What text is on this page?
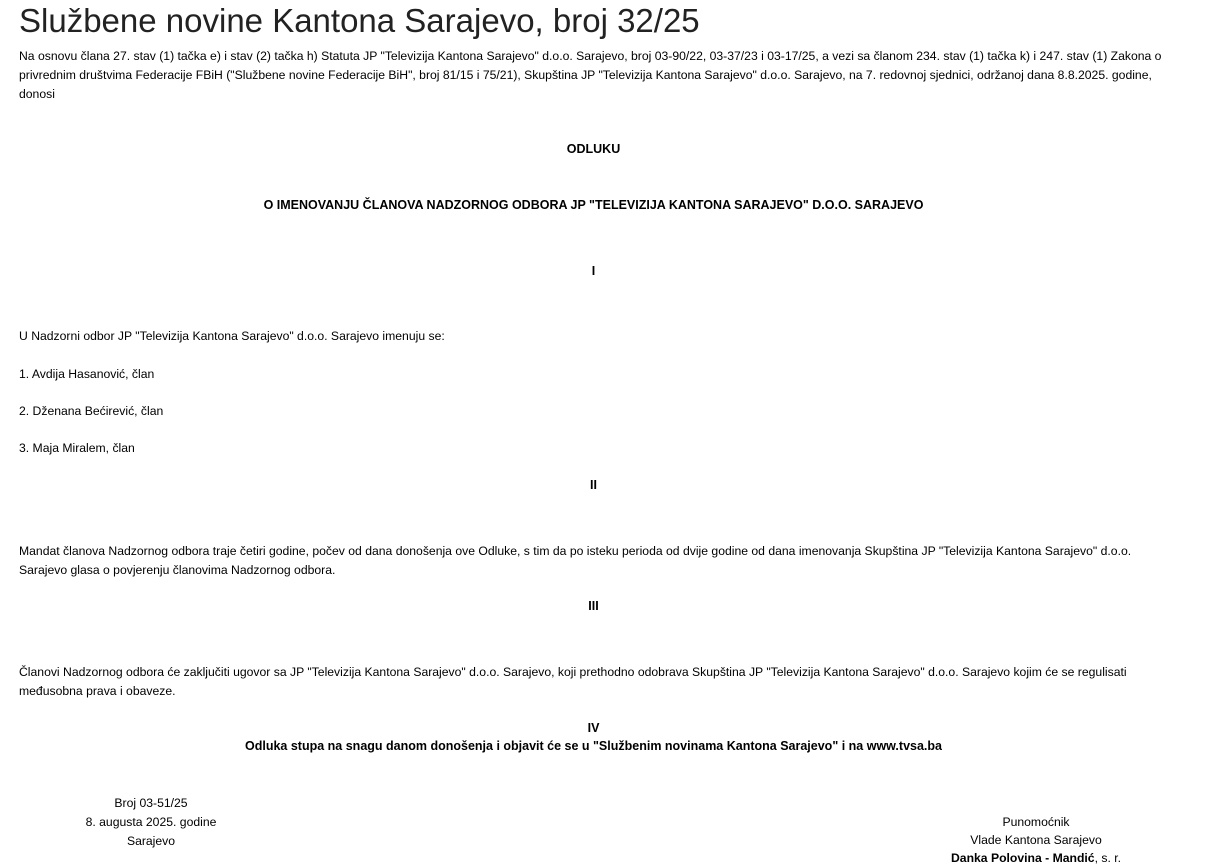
Službene novine Kantona Sarajevo, broj 32/25

Na osnovu člana 27. stav (1) tačka e) i stav (2) tačka h) Statuta JP "Televizija Kantona Sarajevo" d.o.o. Sarajevo, broj 03-90/22, 03-37/23 i 03-17/25, a vezi sa članom 234. stav (1) tačka k) i 247. stav (1) Zakona o privrednim društvima Federacije FBiH ("Službene novine Federacije BiH", broj 81/15 i 75/21), Skupština JP "Televizija Kantona Sarajevo" d.o.o. Sarajevo, na 7. redovnoj sjednici, održanoj dana 8.8.2025. godine, donosi

ODLUKU

O IMENOVANJU ČLANOVA NADZORNOG ODBORA JP "TELEVIZIJA KANTONA SARAJEVO" D.O.O. SARAJEVO

I

U Nadzorni odbor JP "Televizija Kantona Sarajevo" d.o.o. Sarajevo imenuju se:

1. Avdija Hasanović, član

2. Dženana Bećirević, član

3. Maja Miralem, član

II

Mandat članova Nadzornog odbora traje četiri godine, počev od dana donošenja ove Odluke, s tim da po isteku perioda od dvije godine od dana imenovanja Skupština JP "Televizija Kantona Sarajevo" d.o.o. Sarajevo glasa o povjerenju članovima Nadzornog odbora.

III

Članovi Nadzornog odbora će zaključiti ugovor sa JP "Televizija Kantona Sarajevo" d.o.o. Sarajevo, koji prethodno odobrava Skupština JP "Televizija Kantona Sarajevo" d.o.o. Sarajevo kojim će se regulisati međusobna prava i obaveze.

IV

Odluka stupa na snagu danom donošenja i objavit će se u "Službenim novinama Kantona Sarajevo" i na www.tvsa.ba

Broj 03-51/25
8. augusta 2025. godine
Sarajevo
Punomoćnik
Vlade Kantona Sarajevo
Danka Polovina - Mandić, s. r.
